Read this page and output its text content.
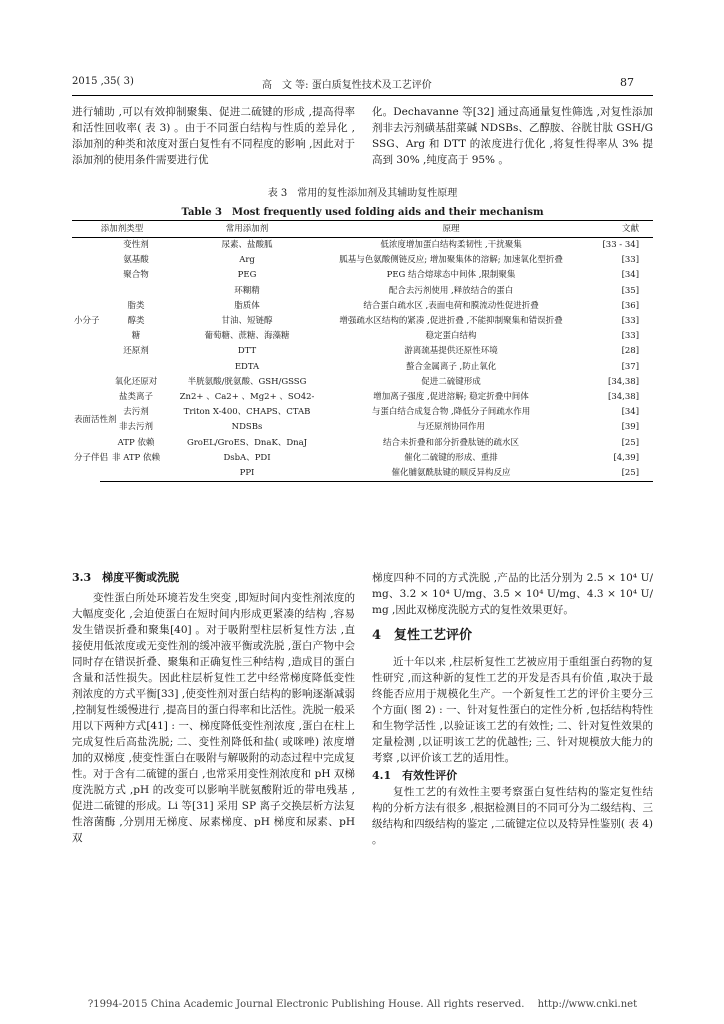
2015 ,35( 3)	高　文 等: 蛋白质复性技术及工艺评价	87

进行辅助 ,可以有效抑制聚集、促进二硫键的形成 ,提高得率和活性回收率( 表 3) 。由于不同蛋白结构与性质的差异化 ,添加剂的种类和浓度对蛋白复性有不同程度的影响 ,因此对于添加剂的使用条件需要进行优

化。Dechavanne 等[32] 通过高通量复性筛选 ,对复性添加剂非去污剂磺基甜菜碱 NDSBs、乙醇胺、谷胱甘肽 GSH/GSSG、Arg 和 DTT 的浓度进行优化 ,将复性得率从 3% 提高到 30% ,纯度高于 95% 。

表 3　常用的复性添加剂及其辅助复性原理
Table 3　Most frequently used folding aids and their mechanism
添加剂类型		常用添加剂	原理	文献
小分子	变性剂	尿素、盐酸胍	低浓度增加蛋白结构柔韧性 ,干扰聚集	[33 - 34]
	氨基酸	Arg	胍基与色氨酸侧链反应; 增加聚集体的溶解; 加速氧化型折叠	[33]
	聚合物	PEG	PEG 结合熔球态中间体 ,限制聚集	[34]
		环糊精	配合去污剂使用 ,释放结合的蛋白	[35]
	脂类	脂质体	结合蛋白疏水区 ,表面电荷和膜流动性促进折叠	[36]
	醇类	甘油、短链醇	增强疏水区结构的紧凑 ,促进折叠 ,不能抑制聚集和错误折叠	[33]
	糖	葡萄糖、蔗糖、海藻糖	稳定蛋白结构	[33]
	还原剂	DTT	游离巯基提供还原性环境	[28]
		EDTA	螯合金属离子 ,防止氧化	[37]
	氧化还原对	半胱氨酸/胱氨酸、GSH/GSSG	促进二硫键形成	[34,38]
	盐类离子	Zn2+ 、Ca2+ 、Mg2+ 、SO42-	增加离子强度 ,促进溶解; 稳定折叠中间体	[34,38]
表面活性剂	去污剂	Triton X-400、CHAPS、CTAB	与蛋白结合成复合物 ,降低分子间疏水作用	[34]
	非去污剂	NDSBs	与还原剂协同作用	[39]
分子伴侣	ATP 依赖	GroEL/GroES、DnaK、DnaJ	结合未折叠和部分折叠肽链的疏水区	[25]
	非 ATP 依赖	DsbA、PDI	催化二硫键的形成、重排	[4,39]
		PPI	催化脯氨酰肽键的顺反异构反应	[25]

3.3　梯度平衡或洗脱

变性蛋白所处环境若发生突变 ,即短时间内变性剂浓度的大幅度变化 ,会迫使蛋白在短时间内形成更紧凑的结构 ,容易发生错误折叠和聚集[40] 。对于吸附型柱层析复性方法 ,直接使用低浓度或无变性剂的缓冲液平衡或洗脱 ,蛋白产物中会同时存在错误折叠、聚集和正确复性三种结构 ,造成目的蛋白含量和活性损失。因此柱层析复性工艺中经常梯度降低变性剂浓度的方式平衡[33] ,使变性剂对蛋白结构的影响逐渐减弱 ,控制复性缓慢进行 ,提高目的蛋白得率和比活性。洗脱一般采用以下两种方式[41] : 一、梯度降低变性剂浓度 ,蛋白在柱上完成复性后高盐洗脱; 二、变性剂降低和盐( 或咪唑) 浓度增加的双梯度 ,使变性蛋白在吸附与解吸附的动态过程中完成复性。对于含有二硫键的蛋白 ,也常采用变性剂浓度和 pH 双梯度洗脱方式 ,pH 的改变可以影响半胱氨酸附近的带电残基 ,促进二硫键的形成。Li 等[31] 采用 SP 离子交换层析方法复性溶菌酶 ,分别用无梯度、尿素梯度、pH 梯度和尿素、pH 双

梯度四种不同的方式洗脱 ,产品的比活分别为 2.5 × 10⁴ U/mg、3.2 × 10⁴ U/mg、3.5 × 10⁴ U/mg、4.3 × 10⁴ U/mg ,因此双梯度洗脱方式的复性效果更好。

4　复性工艺评价

近十年以来 ,柱层析复性工艺被应用于重组蛋白药物的复性研究 ,而这种新的复性工艺的开发是否具有价值 ,取决于最终能否应用于规模化生产。一个新复性工艺的评价主要分三个方面( 图 2) : 一、针对复性蛋白的定性分析 ,包括结构特性和生物学活性 ,以验证该工艺的有效性; 二、针对复性效果的定量检测 ,以证明该工艺的优越性; 三、针对规模放大能力的考察 ,以评价该工艺的适用性。

4.1　有效性评价

复性工艺的有效性主要考察蛋白复性结构的鉴定复性结构的分析方法有很多 ,根据检测目的不同可分为二级结构、三级结构和四级结构的鉴定 ,二硫键定位以及特异性鉴别( 表 4) 。

?1994-2015 China Academic Journal Electronic Publishing House. All rights reserved.　 http://www.cnki.net
